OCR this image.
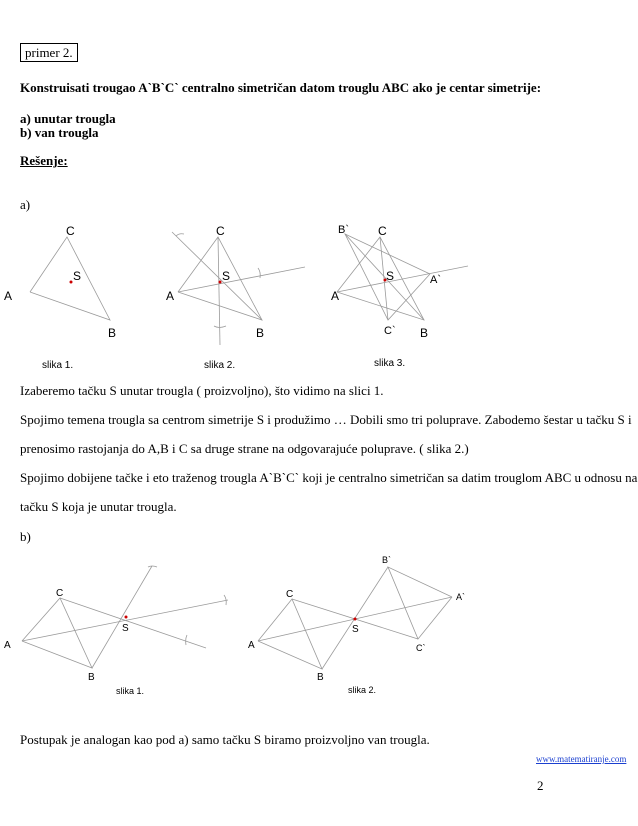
primer 2.
Konstruisati trougao A`B`C` centralno simetričan datom trouglu ABC ako je centar simetrije:
a) unutar trougla
b) van trougla
Rešenje:
a)
A
B
C
S
slika 1.
A
B
C
S
slika 2.
A
B
C
S	A`
B`
C`
slika 3.
Izaberemo tačku S unutar trougla ( proizvoljno), što vidimo na slici 1.
Spojimo temena trougla sa centrom simetrije S i produžimo … Dobili smo tri poluprave. Zabodemo šestar u tačku S i
prenosimo rastojanja do A,B i C sa druge strane na odgovarajuće poluprave. ( slika 2.)
Spojimo dobijene tačke i eto traženog trougla A`B`C` koji je centralno simetričan sa datim trouglom ABC u odnosu na
tačku S koja je unutar trougla.
b)
A
B
C
S
slika 1.
A
B
C
S
A`
B`
C`
slika 2.
Postupak je analogan kao pod a) samo tačku S biramo proizvoljno van trougla.
www.matematiranje.com
2
